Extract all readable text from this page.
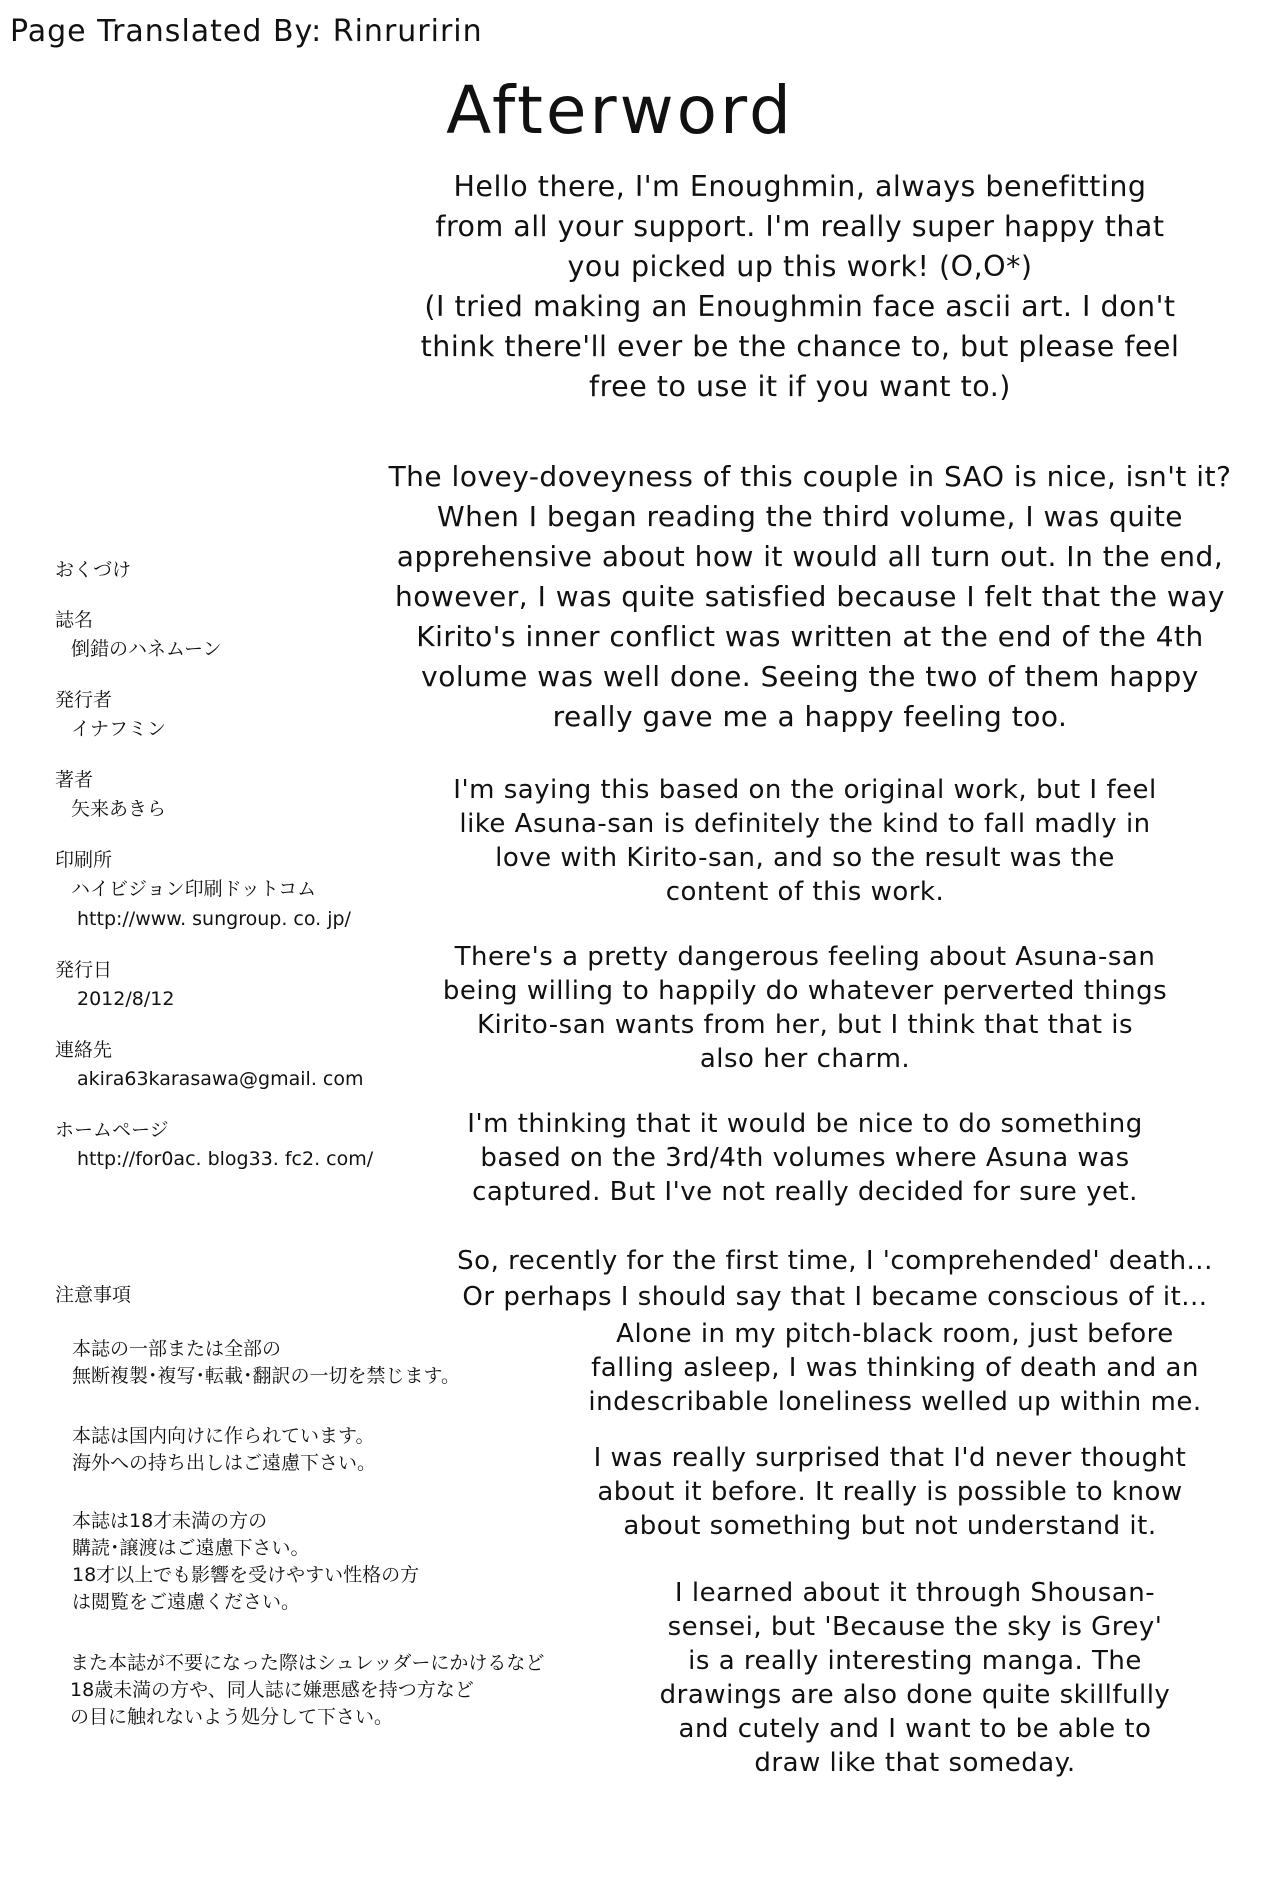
Page Translated By: Rinruririn
Afterword
Hello there, I'm Enoughmin, always benefitting
from all your support. I'm really super happy that
you picked up this work! (O,O*)
(I tried making an Enoughmin face ascii art. I don't
think there'll ever be the chance to, but please feel
free to use it if you want to.)
The lovey-doveyness of this couple in SAO is nice, isn't it?
When I began reading the third volume, I was quite
apprehensive about how it would all turn out. In the end,
however, I was quite satisfied because I felt that the way
Kirito's inner conflict was written at the end of the 4th
volume was well done. Seeing the two of them happy
really gave me a happy feeling too.
I'm saying this based on the original work, but I feel
like Asuna-san is definitely the kind to fall madly in
love with Kirito-san, and so the result was the
content of this work.
There's a pretty dangerous feeling about Asuna-san
being willing to happily do whatever perverted things
Kirito-san wants from her, but I think that that is
also her charm.
I'm thinking that it would be nice to do something
based on the 3rd/4th volumes where Asuna was
captured. But I've not really decided for sure yet.
So, recently for the first time, I 'comprehended' death...
Or perhaps I should say that I became conscious of it...
Alone in my pitch-black room, just before
falling asleep, I was thinking of death and an
indescribable loneliness welled up within me.
I was really surprised that I'd never thought
about it before. It really is possible to know
about something but not understand it.
I learned about it through Shousan-
sensei, but 'Because the sky is Grey'
is a really interesting manga. The
drawings are also done quite skillfully
and cutely and I want to be able to
draw like that someday.
おくづけ
誌名
倒錯のハネムーン
発行者
イナフミン
著者
矢来あきら
印刷所
ハイビジョン印刷ドットコム
http://www. sungroup. co. jp/
発行日
2012/8/12
連絡先
akira63karasawa@gmail. com
ホームページ
http://for0ac. blog33. fc2. com/
注意事項
本誌の一部または全部の
無断複製･複写･転載･翻訳の一切を禁じます。
本誌は国内向けに作られています。
海外への持ち出しはご遠慮下さい。
本誌は18才未満の方の
購読･譲渡はご遠慮下さい。
18才以上でも影響を受けやすい性格の方
は閲覧をご遠慮ください。
また本誌が不要になった際はシュレッダーにかけるなど
18歳未満の方や、同人誌に嫌悪感を持つ方など
の目に触れないよう処分して下さい。
